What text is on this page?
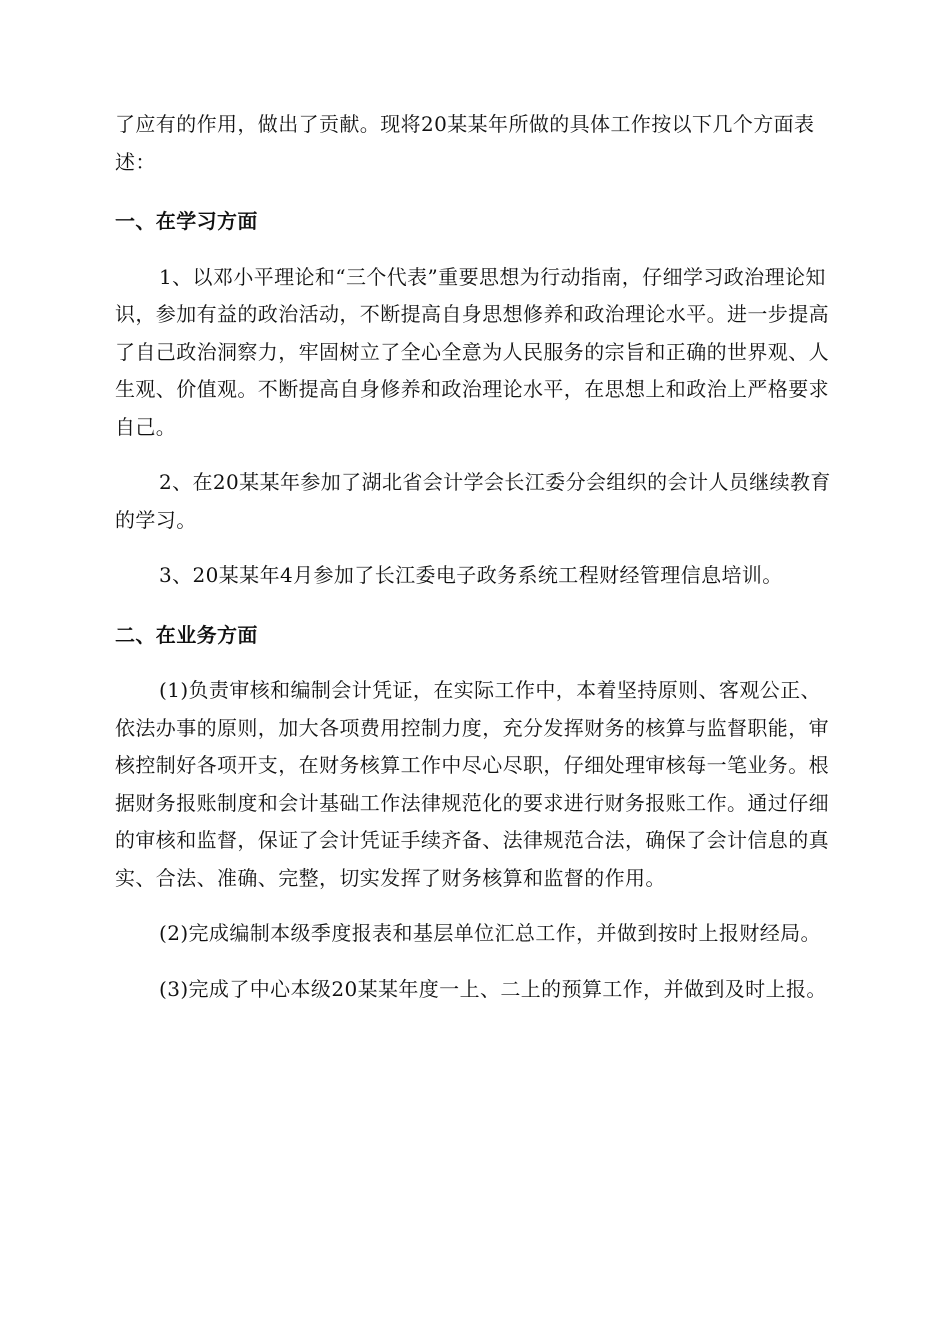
了应有的作用，做出了贡献。现将20某某年所做的具体工作按以下几个方面表述：

一、在学习方面

1、以邓小平理论和“三个代表”重要思想为行动指南，仔细学习政治理论知识，参加有益的政治活动，不断提高自身思想修养和政治理论水平。进一步提高了自己政治洞察力，牢固树立了全心全意为人民服务的宗旨和正确的世界观、人生观、价值观。不断提高自身修养和政治理论水平，在思想上和政治上严格要求自己。

2、在20某某年参加了湖北省会计学会长江委分会组织的会计人员继续教育的学习。

3、20某某年4月参加了长江委电子政务系统工程财经管理信息培训。

二、在业务方面

(1)负责审核和编制会计凭证，在实际工作中，本着坚持原则、客观公正、依法办事的原则，加大各项费用控制力度，充分发挥财务的核算与监督职能，审核控制好各项开支，在财务核算工作中尽心尽职，仔细处理审核每一笔业务。根据财务报账制度和会计基础工作法律规范化的要求进行财务报账工作。通过仔细的审核和监督，保证了会计凭证手续齐备、法律规范合法，确保了会计信息的真实、合法、准确、完整，切实发挥了财务核算和监督的作用。

(2)完成编制本级季度报表和基层单位汇总工作，并做到按时上报财经局。

(3)完成了中心本级20某某年度一上、二上的预算工作，并做到及时上报。
